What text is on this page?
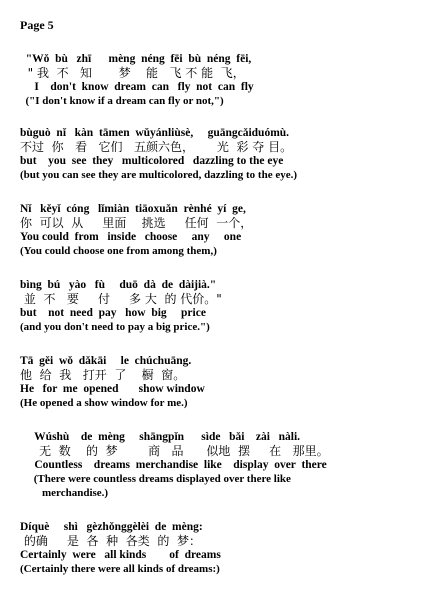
Page 5
"Wǒ  bù   zhī      mèng  néng  fēi  bù  néng  fēi,
" 我  不   知       梦    能   飞 不 能  飞，
I    don't  know  dream  can   fly  not  can  fly
("I don't know if a dream can fly or not,")
bùguò  nǐ   kàn  tāmen  wǔyánliùsè,     guāngcǎiduómù.
不过  你   看   它们   五颜六色，      光  彩 夺 目。
but    you  see  they   multicolored   dazzling to the eye
(but you can see they are multicolored, dazzling to the eye.)
Nǐ   kěyǐ  cóng   lǐmiàn  tiāoxuǎn  rènhé  yí  ge,
你  可以  从     里面    挑选     任何  一个，
You could  from   inside   choose     any     one
(You could choose one from among them,)
bìng  bú   yào   fù     duō  dà  de  dàijià."
並  不   要     付     多 大  的 代价。"
but    not  need  pay   how  big     price
(and you don't need to pay a big price.")
Tā  gěi  wǒ  dǎkāi     le  chúchuāng.
他  给  我   打开  了    橱  窗。
He   for  me  opened       show window
(He opened a show window for me.)
Wúshù    de  mèng     shāngpǐn      sìde   bǎi    zài   nàli.
无  数    的  梦        商   品      似地  摆     在   那里。
Countless    dreams  merchandise  like    display  over  there
(There were countless dreams displayed over there like
merchandise.)
Díquè     shì   gèzhǒnggèlèi  de  mèng:
的确     是  各  种  各类  的  梦：
Certainly  were   all kinds        of  dreams
(Certainly there were all kinds of dreams:)
